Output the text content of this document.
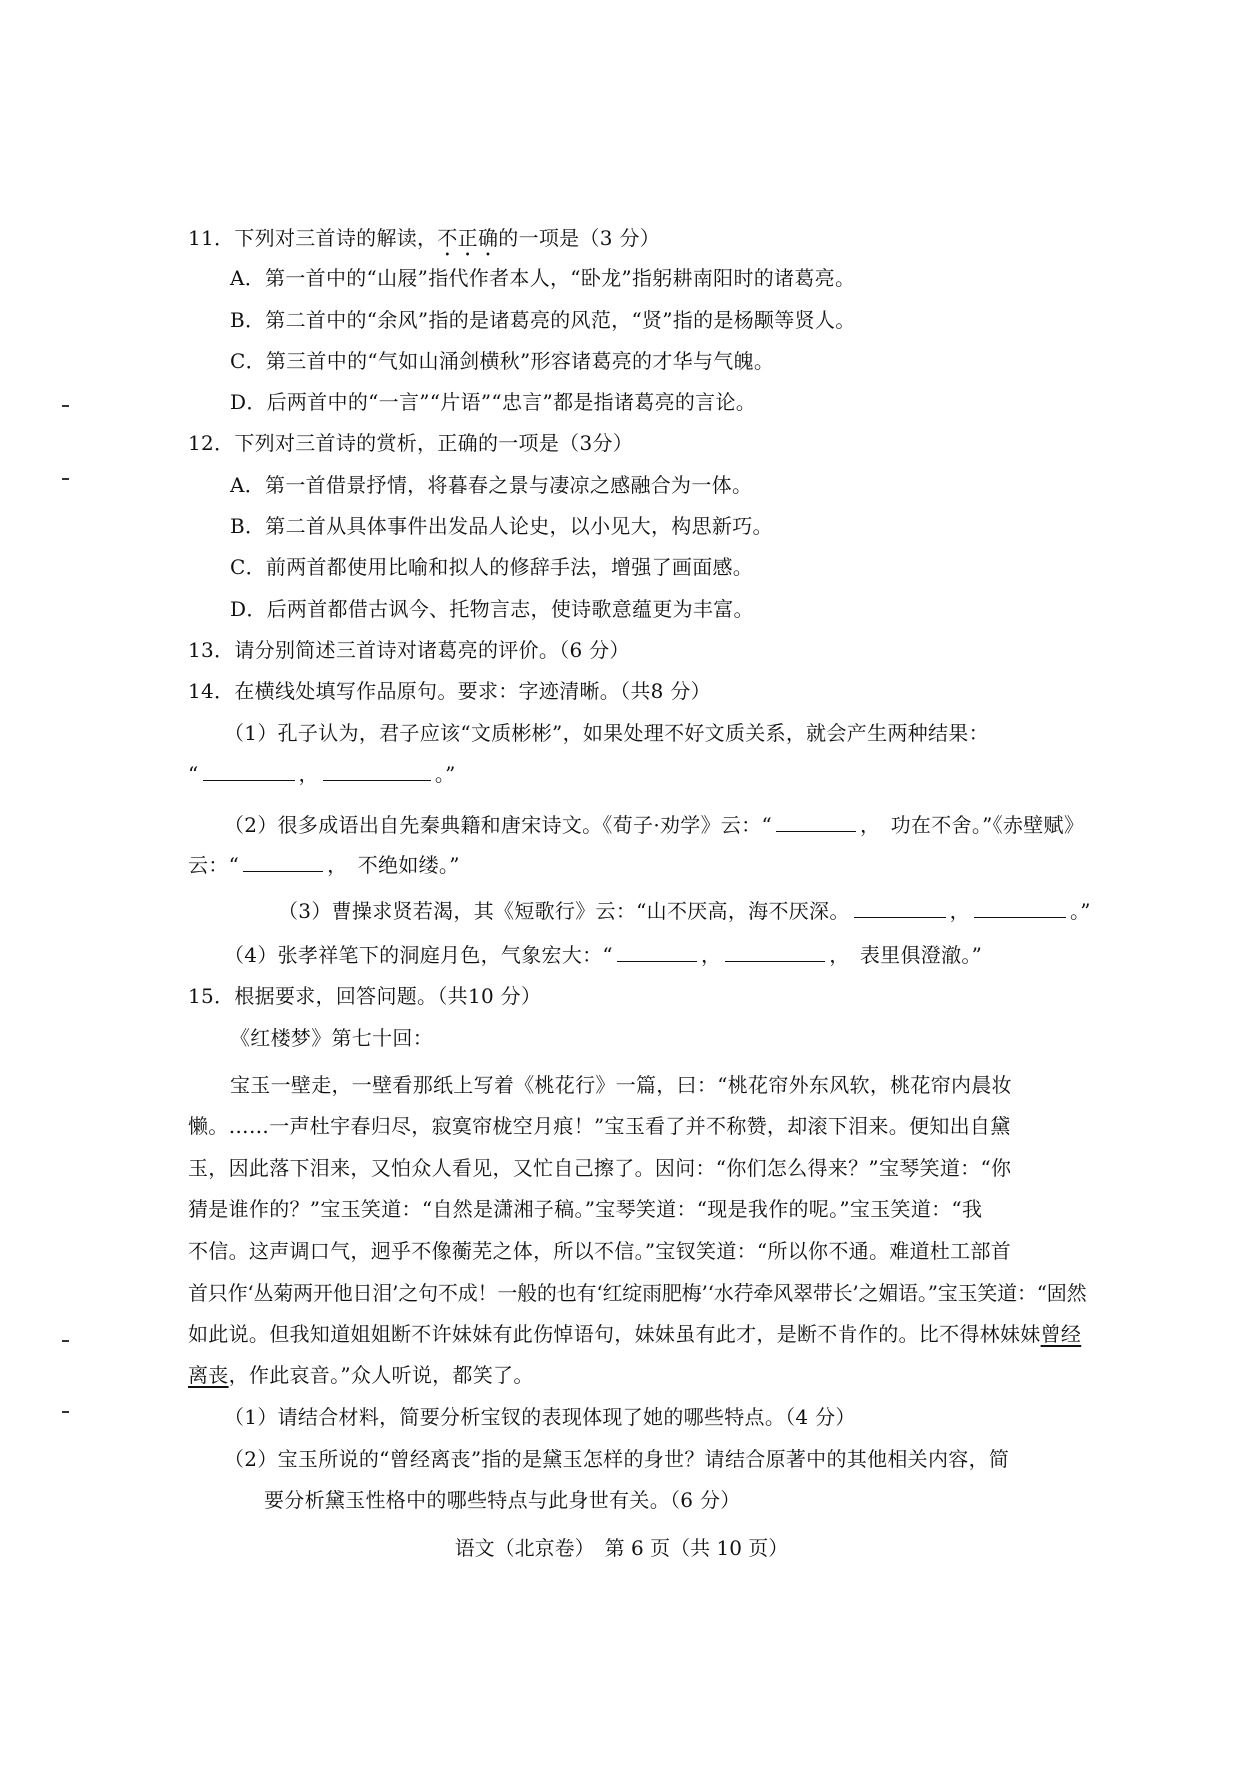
11．下列对三首诗的解读，不正确的一项是（3 分）
A．第一首中的“山屐”指代作者本人，“卧龙”指躬耕南阳时的诸葛亮。
B．第二首中的“余风”指的是诸葛亮的风范，“贤”指的是杨颙等贤人。
C．第三首中的“气如山涌剑横秋”形容诸葛亮的才华与气魄。
D．后两首中的“一言”“片语”“忠言”都是指诸葛亮的言论。
12．下列对三首诗的赏析，正确的一项是（3分）
A．第一首借景抒情，将暮春之景与凄凉之感融合为一体。
B．第二首从具体事件出发品人论史，以小见大，构思新巧。
C．前两首都使用比喻和拟人的修辞手法，增强了画面感。
D．后两首都借古讽今、托物言志，使诗歌意蕴更为丰富。
13．请分别简述三首诗对诸葛亮的评价。（6 分）
14．在横线处填写作品原句。要求：字迹清晰。（共8 分）
（1）孔子认为，君子应该“文质彬彬”，如果处理不好文质关系，就会产生两种结果：
“	，	。”
（2）很多成语出自先秦典籍和唐宋诗文。《荀子·劝学》云：“	，　功在不舍。”《赤壁赋》
云：“	，　不绝如缕。”
（3）曹操求贤若渴，其《短歌行》云：“山不厌高，海不厌深。	，	。”
（4）张孝祥笔下的洞庭月色，气象宏大：“	，	，　表里俱澄澈。”
15．根据要求，回答问题。（共10 分）
《红楼梦》第七十回：
宝玉一壁走，一壁看那纸上写着《桃花行》一篇，曰：“桃花帘外东风软，桃花帘内晨妆
懒。……一声杜宇春归尽，寂寞帘栊空月痕！”宝玉看了并不称赞，却滚下泪来。便知出自黛
玉，因此落下泪来，又怕众人看见，又忙自己擦了。因问：“你们怎么得来？”宝琴笑道：“你
猜是谁作的？”宝玉笑道：“自然是潇湘子稿。”宝琴笑道：“现是我作的呢。”宝玉笑道：“我
不信。这声调口气，迥乎不像蘅芜之体，所以不信。”宝钗笑道：“所以你不通。难道杜工部首
首只作‘丛菊两开他日泪’之句不成！一般的也有‘红绽雨肥梅’‘水荇牵风翠带长’之媚语。”宝玉笑道：“固然
如此说。但我知道姐姐断不许妹妹有此伤悼语句，妹妹虽有此才，是断不肯作的。比不得林妹妹曾经
离丧，作此哀音。”众人听说，都笑了。
（1）请结合材料，简要分析宝钗的表现体现了她的哪些特点。（4 分）
（2）宝玉所说的“曾经离丧”指的是黛玉怎样的身世？请结合原著中的其他相关内容，简
要分析黛玉性格中的哪些特点与此身世有关。（6 分）
语文（北京卷）　第 6 页（共 10 页）
